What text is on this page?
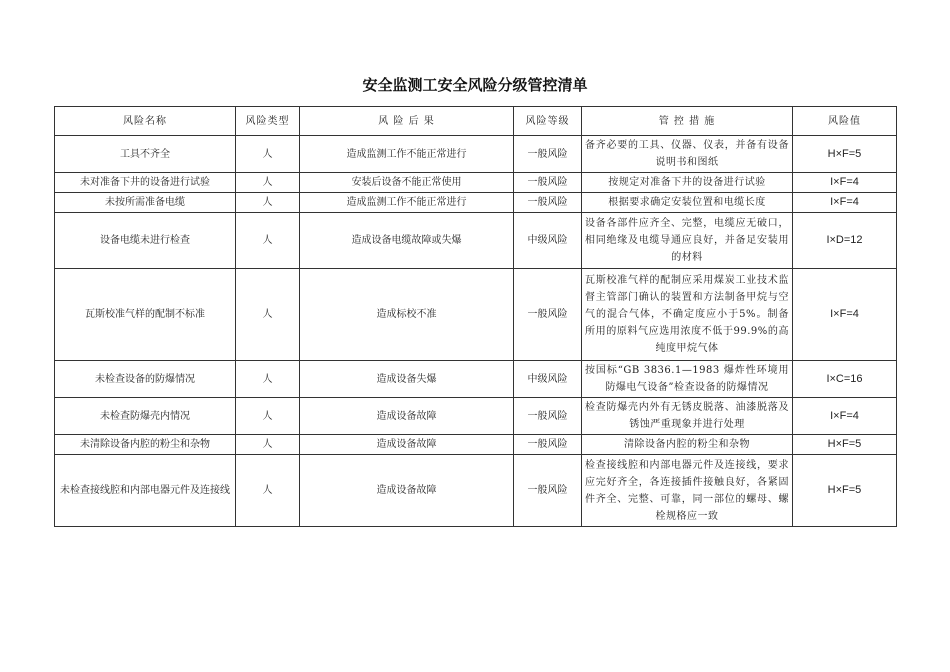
安全监测工安全风险分级管控清单
风险名称	风险类型	风 险 后 果	风险等级	管 控 措 施	风险值
工具不齐全	人	造成监测工作不能正常进行	一般风险	备齐必要的工具、仪器、仪表，并备有设备说明书和图纸	H×F=5
未对准备下井的设备进行试验	人	安装后设备不能正常使用	一般风险	按规定对准备下井的设备进行试验	I×F=4
未按所需准备电缆	人	造成监测工作不能正常进行	一般风险	根据要求确定安装位置和电缆长度	I×F=4
设备电缆未进行检查	人	造成设备电缆故障或失爆	中级风险	设备各部件应齐全、完整，电缆应无破口，相同绝缘及电缆导通应良好，并备足安装用的材料	I×D=12
瓦斯校准气样的配制不标准	人	造成标校不准	一般风险	瓦斯校准气样的配制应采用煤炭工业技术监督主管部门确认的装置和方法制备甲烷与空气的混合气体，不确定度应小于5%。制备所用的原料气应选用浓度不低于99.9%的高纯度甲烷气体	I×F=4
未检查设备的防爆情况	人	造成设备失爆	中级风险	按国标“GB 3836.1—1983 爆炸性环境用防爆电气设备”检查设备的防爆情况	I×C=16
未检查防爆壳内情况	人	造成设备故障	一般风险	检查防爆壳内外有无锈皮脱落、油漆脱落及锈蚀严重现象并进行处理	I×F=4
未清除设备内腔的粉尘和杂物	人	造成设备故障	一般风险	清除设备内腔的粉尘和杂物	H×F=5
未检查接线腔和内部电器元件及连接线	人	造成设备故障	一般风险	检查接线腔和内部电器元件及连接线，要求应完好齐全，各连接插件接触良好，各紧固件齐全、完整、可靠，同一部位的螺母、螺栓规格应一致	H×F=5
